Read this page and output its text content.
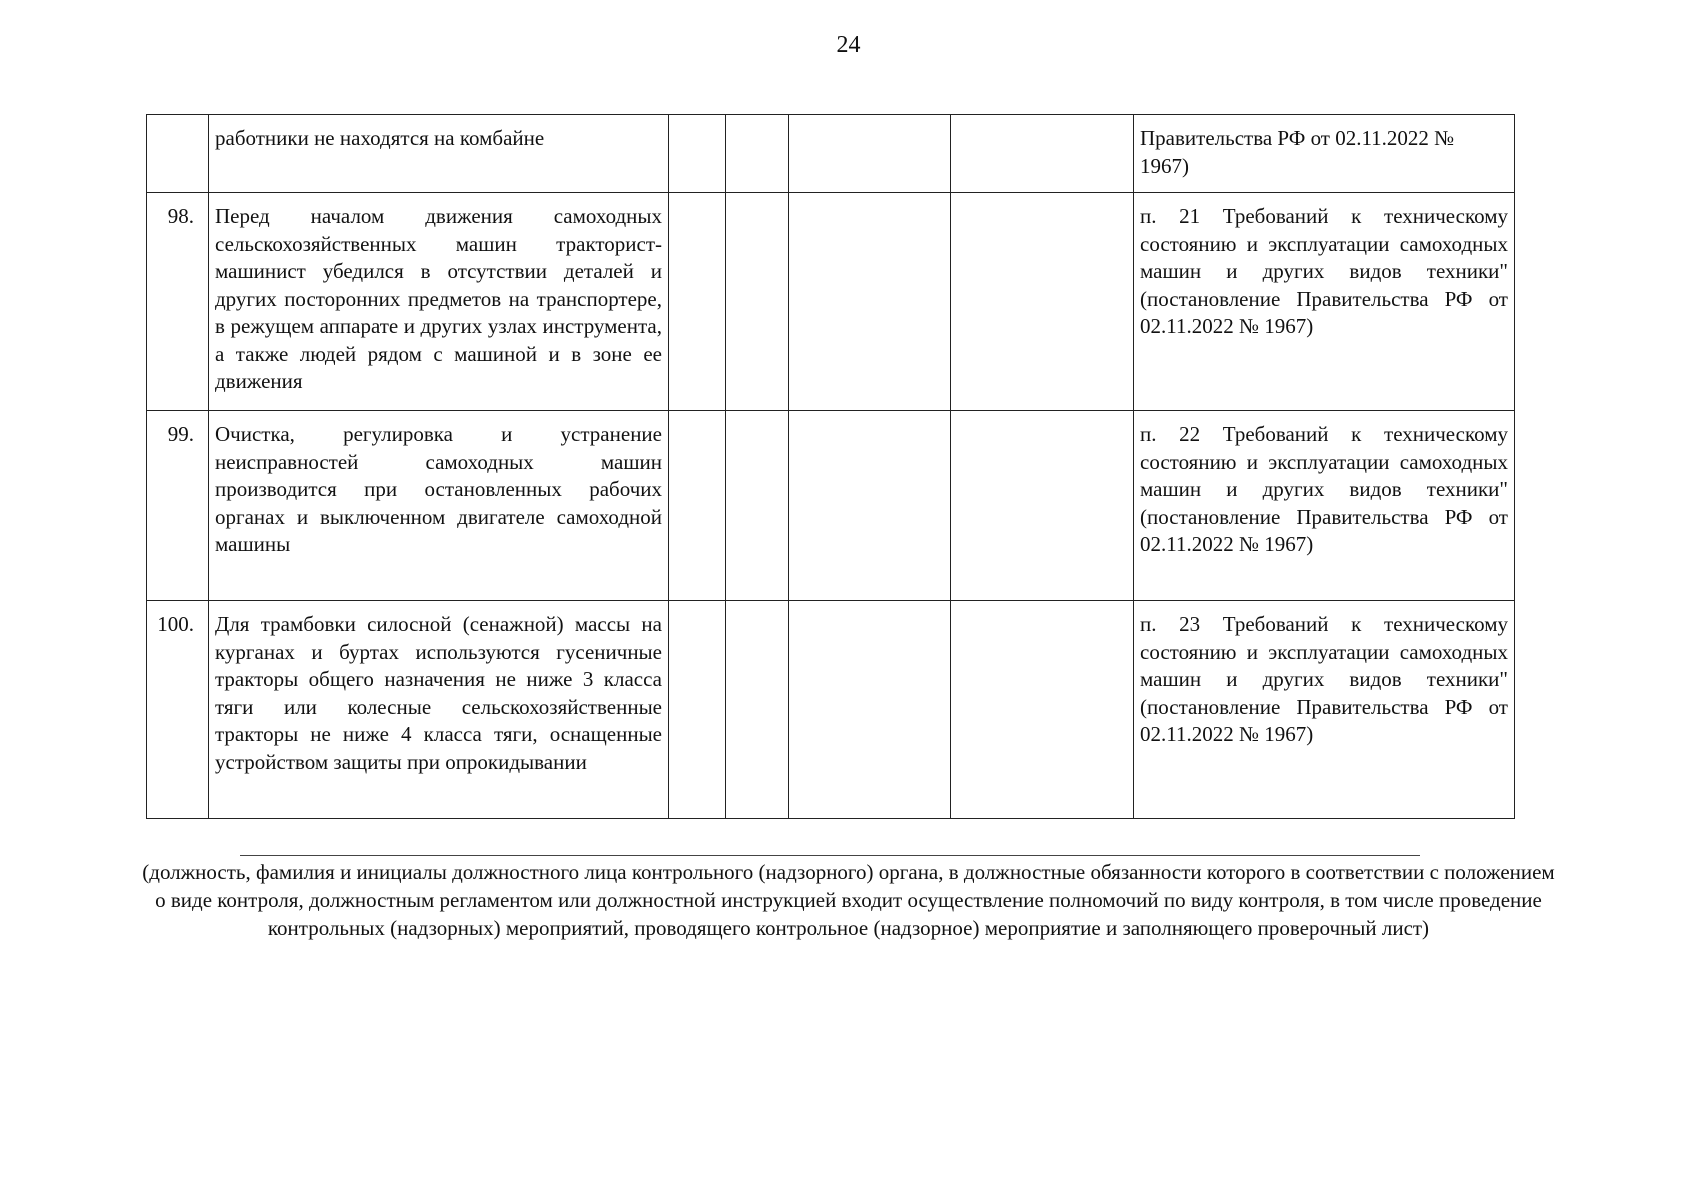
24
	работники не находятся на комбайне					Правительства РФ от 02.11.2022 № 1967)
98.	Перед началом движения самоходных сельскохозяйственных машин тракторист-машинист убедился в отсутствии деталей и других посторонних предметов на транспортере, в режущем аппарате и других узлах инструмента, а также людей рядом с машиной и в зоне ее движения					п. 21 Требований к техническому состоянию и эксплуатации самоходных машин и других видов техники" (постановление Правительства РФ от 02.11.2022 № 1967)
99.	Очистка, регулировка и устранение неисправностей самоходных машин производится при остановленных рабочих органах и выключенном двигателе самоходной машины					п. 22 Требований к техническому состоянию и эксплуатации самоходных машин и других видов техники" (постановление Правительства РФ от 02.11.2022 № 1967)
100.	Для трамбовки силосной (сенажной) массы на курганах и буртах используются гусеничные тракторы общего назначения не ниже 3 класса тяги или колесные сельскохозяйственные тракторы не ниже 4 класса тяги, оснащенные устройством защиты при опрокидывании					п. 23 Требований к техническому состоянию и эксплуатации самоходных машин и других видов техники" (постановление Правительства РФ от 02.11.2022 № 1967)
(должность, фамилия и инициалы должностного лица контрольного (надзорного) органа, в должностные обязанности которого в соответствии с положением о виде контроля, должностным регламентом или должностной инструкцией входит осуществление полномочий по виду контроля, в том числе проведение контрольных (надзорных) мероприятий, проводящего контрольное (надзорное) мероприятие и заполняющего проверочный лист)
